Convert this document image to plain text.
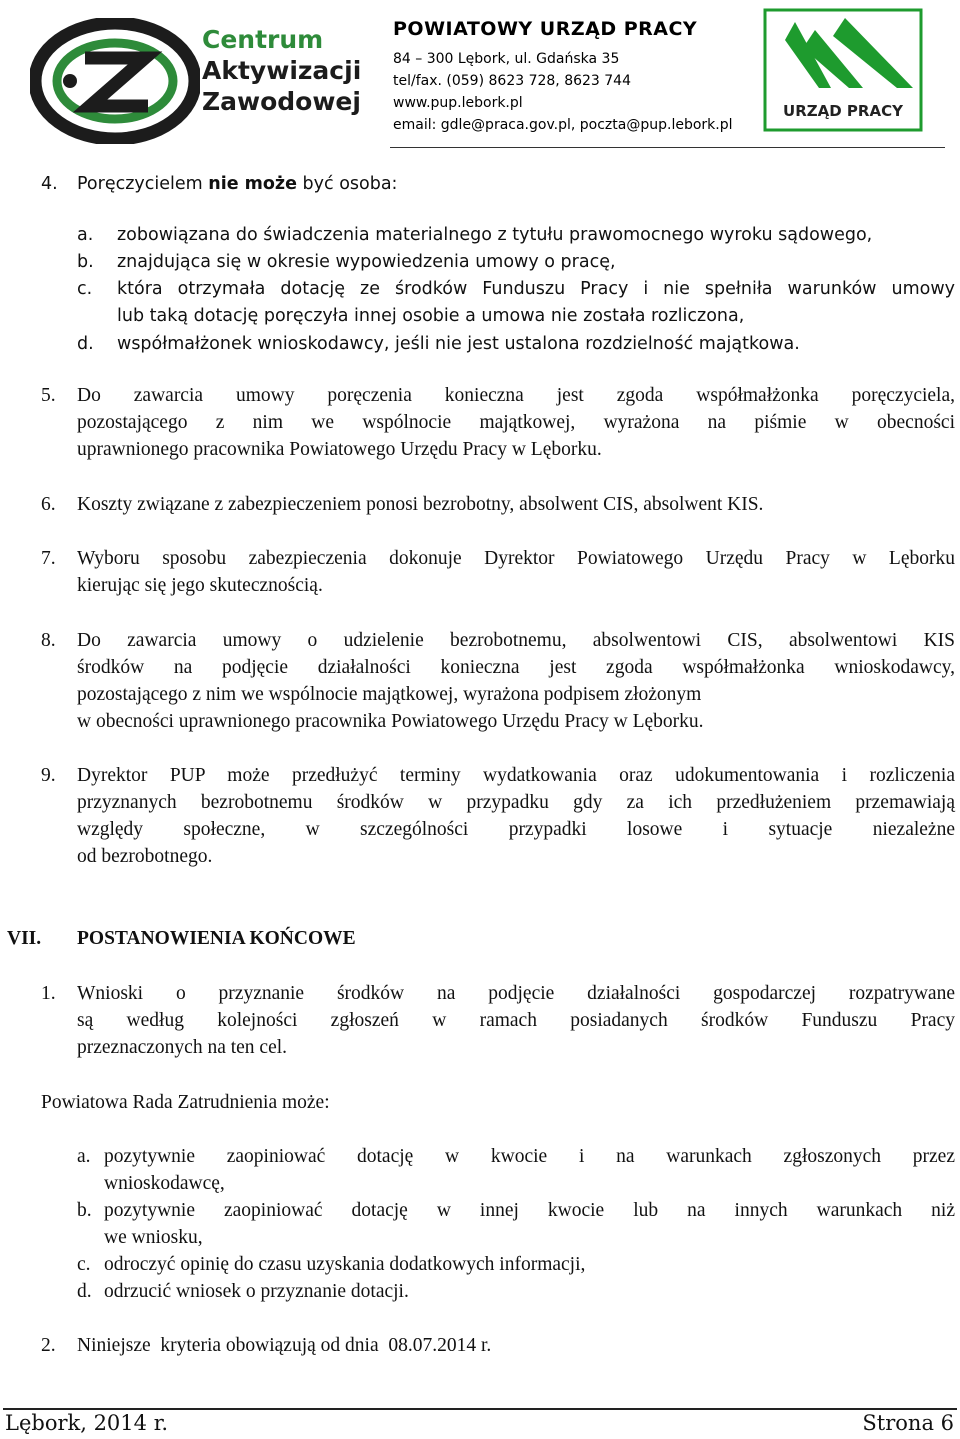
Centrum
Aktywizacji
Zawodowej
POWIATOWY URZĄD PRACY
84 – 300 Lębork, ul. Gdańska 35
tel/fax. (059) 8623 728, 8623 744
www.pup.lebork.pl
email: gdle@praca.gov.pl, poczta@pup.lebork.pl
URZĄD PRACY
4. Poręczycielem nie może być osoba:
a. zobowiązana do świadczenia materialnego z tytułu prawomocnego wyroku sądowego,
b. znajdująca się w okresie wypowiedzenia umowy o pracę,
c. która otrzymała dotację ze środków Funduszu Pracy i nie spełniła warunków umowy
lub taką dotację poręczyła innej osobie a umowa nie została rozliczona,
d. współmałżonek wnioskodawcy, jeśli nie jest ustalona rozdzielność majątkowa.
5. Do zawarcia umowy poręczenia konieczna jest zgoda współmałżonka poręczyciela,
pozostającego z nim we wspólnocie majątkowej, wyrażona na piśmie w obecności
uprawnionego pracownika Powiatowego Urzędu Pracy w Lęborku.
6. Koszty związane z zabezpieczeniem ponosi bezrobotny, absolwent CIS, absolwent KIS.
7. Wyboru sposobu zabezpieczenia dokonuje Dyrektor Powiatowego Urzędu Pracy w Lęborku
kierując się jego skutecznością.
8. Do zawarcia umowy o udzielenie bezrobotnemu, absolwentowi CIS, absolwentowi KIS
środków na podjęcie działalności konieczna jest zgoda współmałżonka wnioskodawcy,
pozostającego z nim we wspólnocie majątkowej, wyrażona podpisem złożonym
w obecności uprawnionego pracownika Powiatowego Urzędu Pracy w Lęborku.
9. Dyrektor PUP może przedłużyć terminy wydatkowania oraz udokumentowania i rozliczenia
przyznanych bezrobotnemu środków w przypadku gdy za ich przedłużeniem przemawiają
względy społeczne, w szczególności przypadki losowe i sytuacje niezależne
od bezrobotnego.
VII. POSTANOWIENIA KOŃCOWE
1. Wnioski o przyznanie środków na podjęcie działalności gospodarczej rozpatrywane
są według kolejności zgłoszeń w ramach posiadanych środków Funduszu Pracy
przeznaczonych na ten cel.
Powiatowa Rada Zatrudnienia może:
a. pozytywnie zaopiniować dotację w kwocie i na warunkach zgłoszonych przez
wnioskodawcę,
b. pozytywnie zaopiniować dotację w innej kwocie lub na innych warunkach niż
we wniosku,
c. odroczyć opinię do czasu uzyskania dodatkowych informacji,
d. odrzucić wniosek o przyznanie dotacji.
2. Niniejsze  kryteria obowiązują od dnia  08.07.2014 r.
Lębork, 2014 r.	Strona 6
